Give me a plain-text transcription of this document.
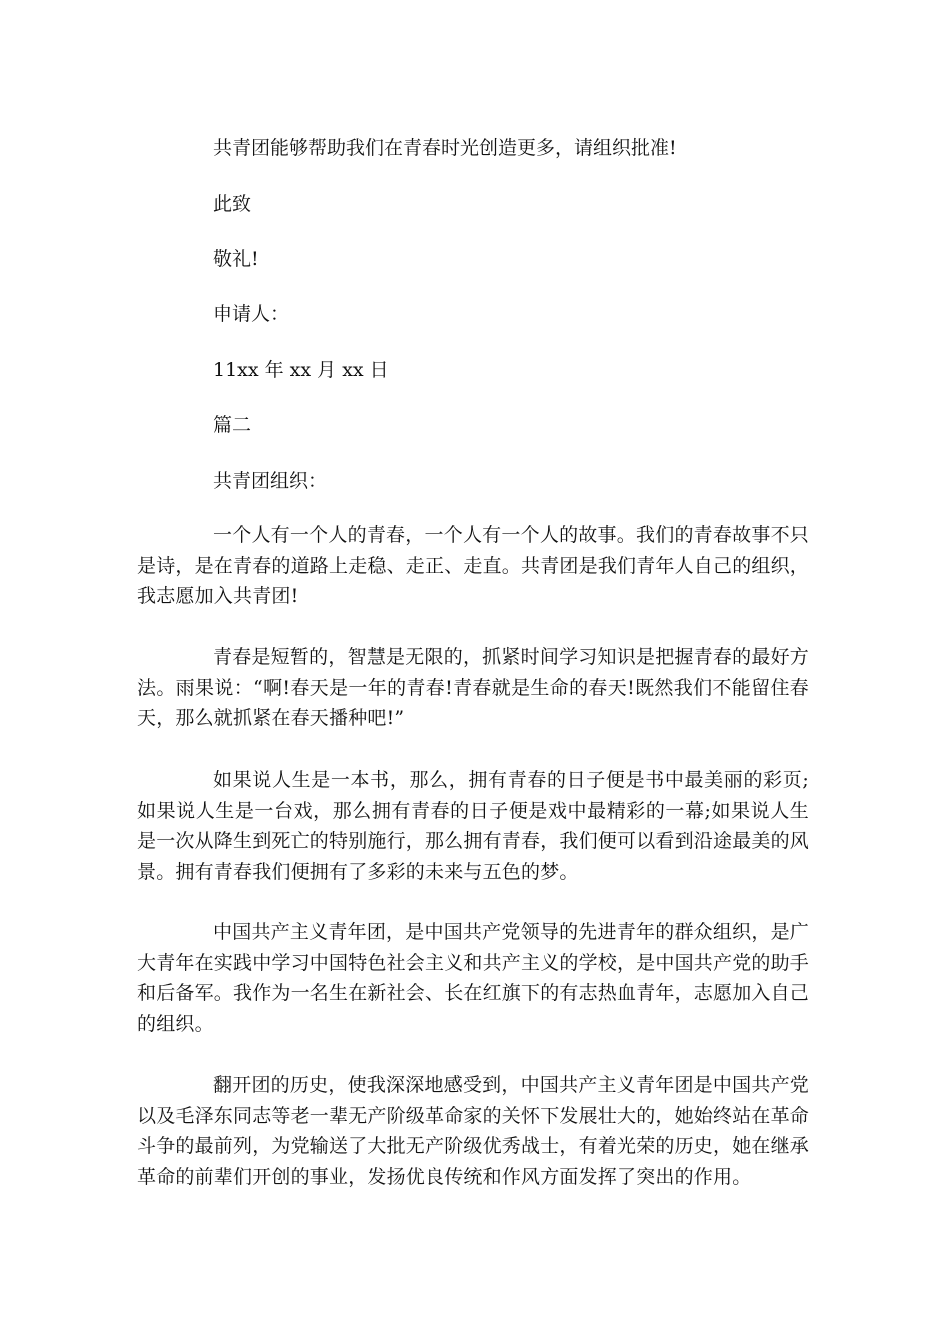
共青团能够帮助我们在青春时光创造更多，请组织批准!
此致
敬礼!
申请人：
11xx 年 xx 月 xx 日
篇二
共青团组织：
一个人有一个人的青春，一个人有一个人的故事。我们的青春故事不只是诗，是在青春的道路上走稳、走正、走直。共青团是我们青年人自己的组织，我志愿加入共青团!
青春是短暂的，智慧是无限的，抓紧时间学习知识是把握青春的最好方法。雨果说：“啊!春天是一年的青春!青春就是生命的春天!既然我们不能留住春天，那么就抓紧在春天播种吧!”
如果说人生是一本书，那么，拥有青春的日子便是书中最美丽的彩页;如果说人生是一台戏，那么拥有青春的日子便是戏中最精彩的一幕;如果说人生是一次从降生到死亡的特别施行，那么拥有青春，我们便可以看到沿途最美的风景。拥有青春我们便拥有了多彩的未来与五色的梦。
中国共产主义青年团，是中国共产党领导的先进青年的群众组织，是广大青年在实践中学习中国特色社会主义和共产主义的学校，是中国共产党的助手和后备军。我作为一名生在新社会、长在红旗下的有志热血青年，志愿加入自己的组织。
翻开团的历史，使我深深地感受到，中国共产主义青年团是中国共产党以及毛泽东同志等老一辈无产阶级革命家的关怀下发展壮大的，她始终站在革命斗争的最前列，为党输送了大批无产阶级优秀战士，有着光荣的历史，她在继承革命的前辈们开创的事业，发扬优良传统和作风方面发挥了突出的作用。
